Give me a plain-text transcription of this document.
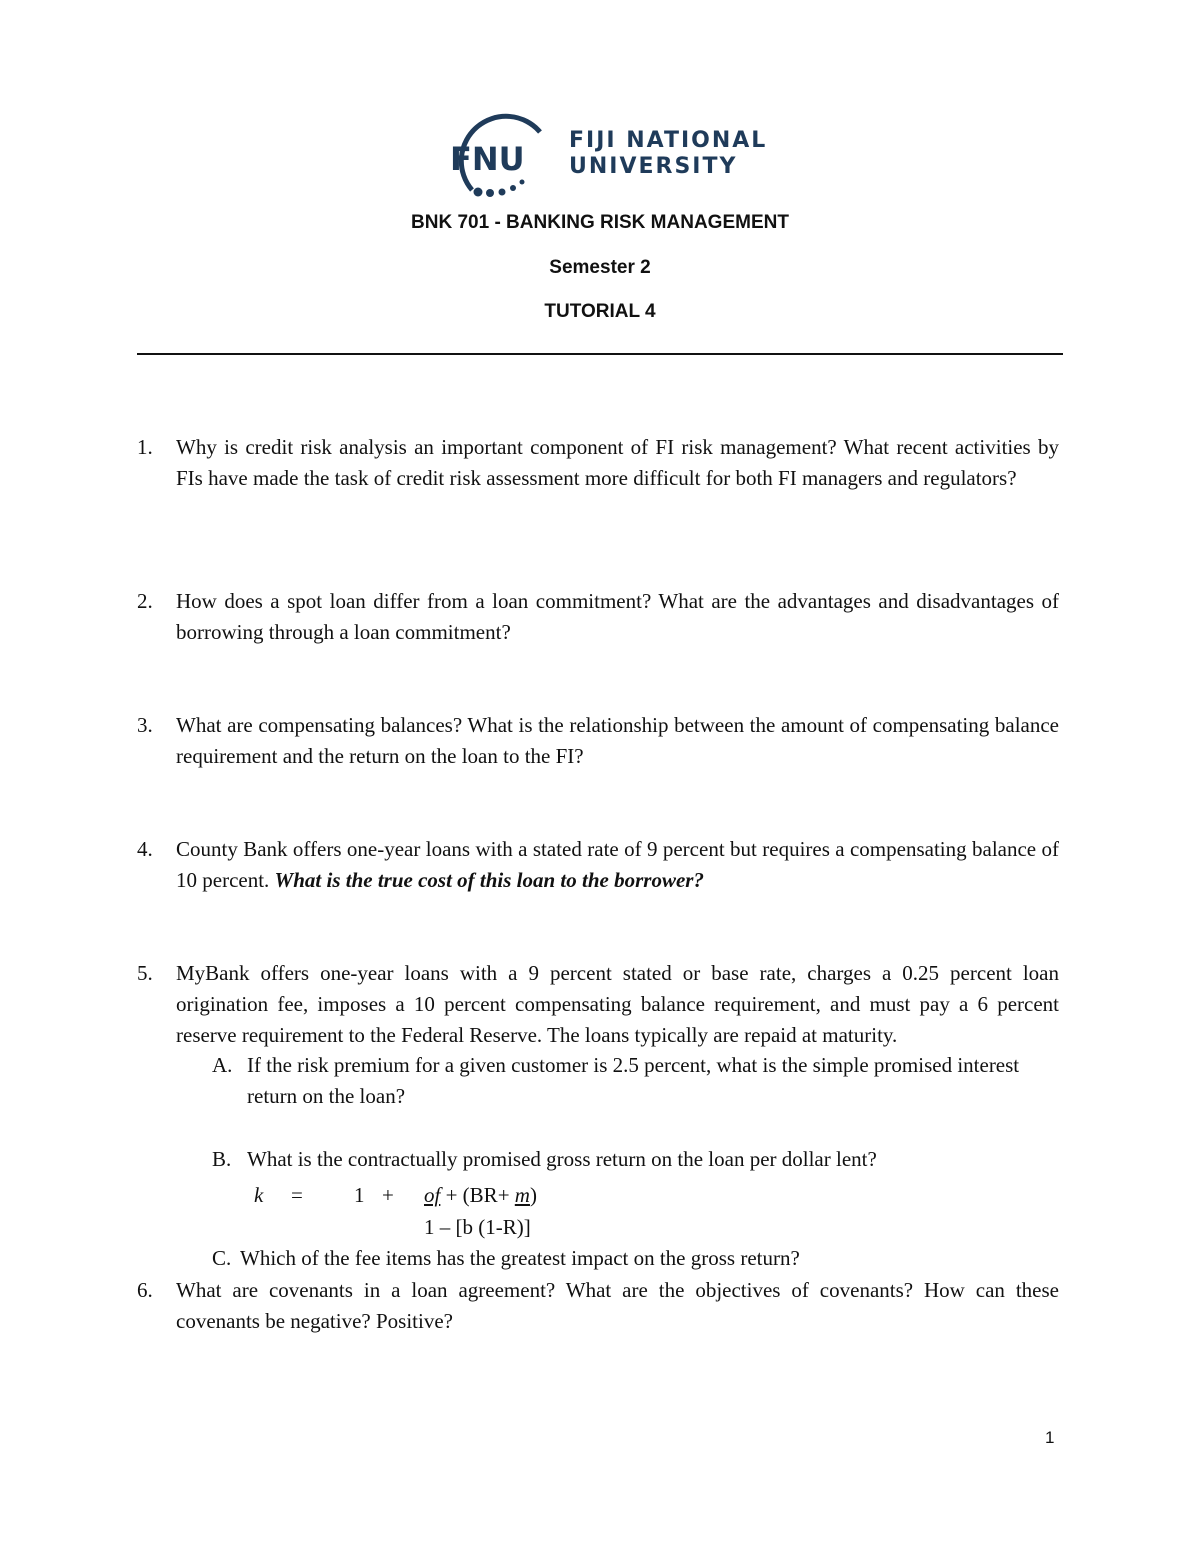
FNU FIJI NATIONAL
UNIVERSITY
BNK 701 - BANKING RISK MANAGEMENT
Semester 2
TUTORIAL 4
1.	Why is credit risk analysis an important component of FI risk management? What recent activities by FIs have made the task of credit risk assessment more difficult for both FI managers and regulators?
2.	How does a spot loan differ from a loan commitment? What are the advantages and disadvantages of borrowing through a loan commitment?
3.	What are compensating balances? What is the relationship between the amount of compensating balance requirement and the return on the loan to the FI?
4.	County Bank offers one-year loans with a stated rate of 9 percent but requires a compensating balance of 10 percent. What is the true cost of this loan to the borrower?
5.	MyBank offers one-year loans with a 9 percent stated or base rate, charges a 0.25 percent loan origination fee, imposes a 10 percent compensating balance requirement, and must pay a 6 percent reserve requirement to the Federal Reserve. The loans typically are repaid at maturity.
A. If the risk premium for a given customer is 2.5 percent, what is the simple promised interest return on the loan?
B. What is the contractually promised gross return on the loan per dollar lent?
k = 1 + of + (BR+ m)
1 – [b (1-R)]
C. Which of the fee items has the greatest impact on the gross return?
6.	What are covenants in a loan agreement? What are the objectives of covenants? How can these covenants be negative? Positive?
1
